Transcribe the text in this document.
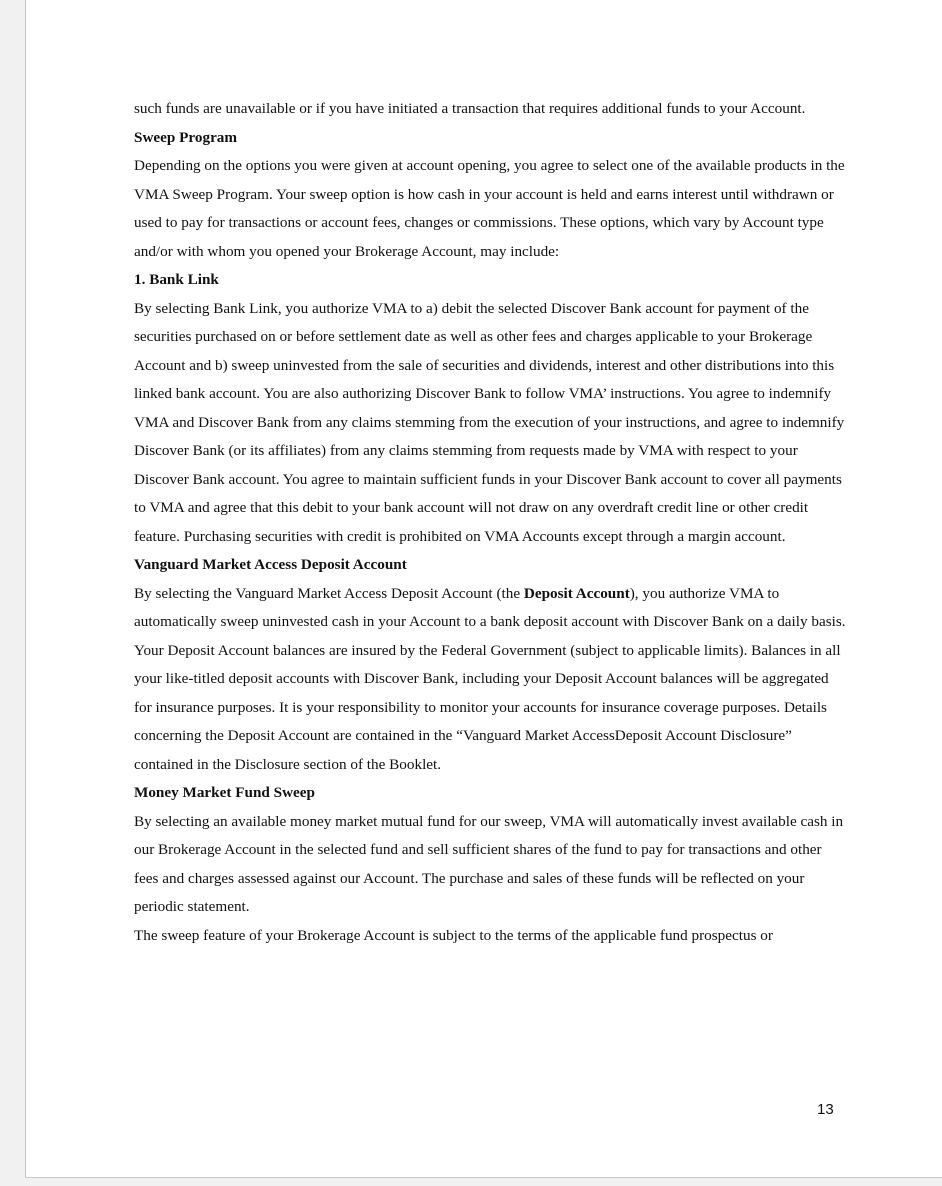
such funds are unavailable or if you have initiated a transaction that requires additional funds to your Account.

Sweep Program

Depending on the options you were given at account opening, you agree to select one of the available products in the VMA Sweep Program. Your sweep option is how cash in your account is held and earns interest until withdrawn or used to pay for transactions or account fees, changes or commissions. These options, which vary by Account type and/or with whom you opened your Brokerage Account, may include:

1. Bank Link

By selecting Bank Link, you authorize VMA to a) debit the selected Discover Bank account for payment of the securities purchased on or before settlement date as well as other fees and charges applicable to your Brokerage Account and b) sweep uninvested from the sale of securities and dividends, interest and other distributions into this linked bank account. You are also authorizing Discover Bank to follow VMA’ instructions. You agree to indemnify VMA and Discover Bank from any claims stemming from the execution of your instructions, and agree to indemnify Discover Bank (or its affiliates) from any claims stemming from requests made by VMA with respect to your Discover Bank account. You agree to maintain sufficient funds in your Discover Bank account to cover all payments to VMA and agree that this debit to your bank account will not draw on any overdraft credit line or other credit feature. Purchasing securities with credit is prohibited on VMA Accounts except through a margin account.

Vanguard Market Access Deposit Account

By selecting the Vanguard Market Access Deposit Account (the Deposit Account), you authorize VMA to automatically sweep uninvested cash in your Account to a bank deposit account with Discover Bank on a daily basis. Your Deposit Account balances are insured by the Federal Government (subject to applicable limits). Balances in all your like-titled deposit accounts with Discover Bank, including your Deposit Account balances will be aggregated for insurance purposes. It is your responsibility to monitor your accounts for insurance coverage purposes. Details concerning the Deposit Account are contained in the “Vanguard Market AccessDeposit Account Disclosure” contained in the Disclosure section of the Booklet.

Money Market Fund Sweep

By selecting an available money market mutual fund for our sweep, VMA will automatically invest available cash in our Brokerage Account in the selected fund and sell sufficient shares of the fund to pay for transactions and other fees and charges assessed against our Account. The purchase and sales of these funds will be reflected on your periodic statement.

The sweep feature of your Brokerage Account is subject to the terms of the applicable fund prospectus or

13
